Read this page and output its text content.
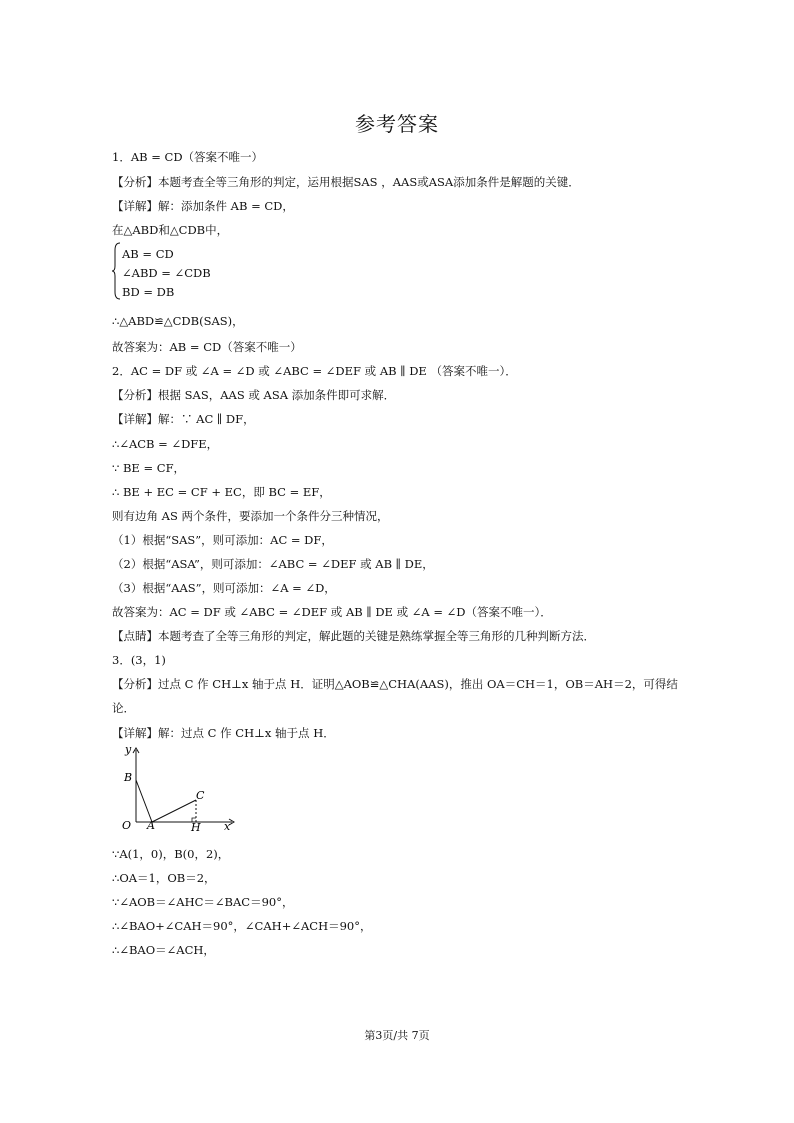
参考答案
1．AB = CD（答案不唯一）
【分析】本题考查全等三角形的判定，运用根据SAS ，AAS或ASA添加条件是解题的关键．
【详解】解：添加条件 AB = CD，
在△ABD和△CDB中，
AB = CD
∠ABD = ∠CDB
BD = DB
∴△ABD≌△CDB(SAS)，
故答案为：AB = CD（答案不唯一）
2．AC = DF 或 ∠A = ∠D 或 ∠ABC = ∠DEF 或 AB ∥ DE （答案不唯一）．
【分析】根据 SAS，AAS 或 ASA 添加条件即可求解．
【详解】解：∵ AC ∥ DF，
∴∠ACB = ∠DFE，
∵ BE = CF，
∴ BE + EC = CF + EC，即 BC = EF，
则有边角 AS 两个条件，要添加一个条件分三种情况，
（1）根据“SAS”，则可添加：AC = DF，
（2）根据“ASA”，则可添加：∠ABC = ∠DEF 或 AB ∥ DE，
（3）根据“AAS”，则可添加：∠A = ∠D，
故答案为：AC = DF 或 ∠ABC = ∠DEF 或 AB ∥ DE 或 ∠A = ∠D（答案不唯一）．
【点睛】本题考查了全等三角形的判定，解此题的关键是熟练掌握全等三角形的几种判断方法．
3．(3，1)
【分析】过点 C 作 CH⊥x 轴于点 H．证明△AOB≌△CHA(AAS)，推出 OA＝CH＝1，OB＝AH＝2，可得结论．
【详解】解：过点 C 作 CH⊥x 轴于点 H．
y
B
C
O A	H x
∵A(1，0)，B(0，2)，
∴OA＝1，OB＝2，
∵∠AOB＝∠AHC＝∠BAC＝90°，
∴∠BAO+∠CAH＝90°，∠CAH+∠ACH＝90°，
∴∠BAO＝∠ACH，
第3页/共 7页
